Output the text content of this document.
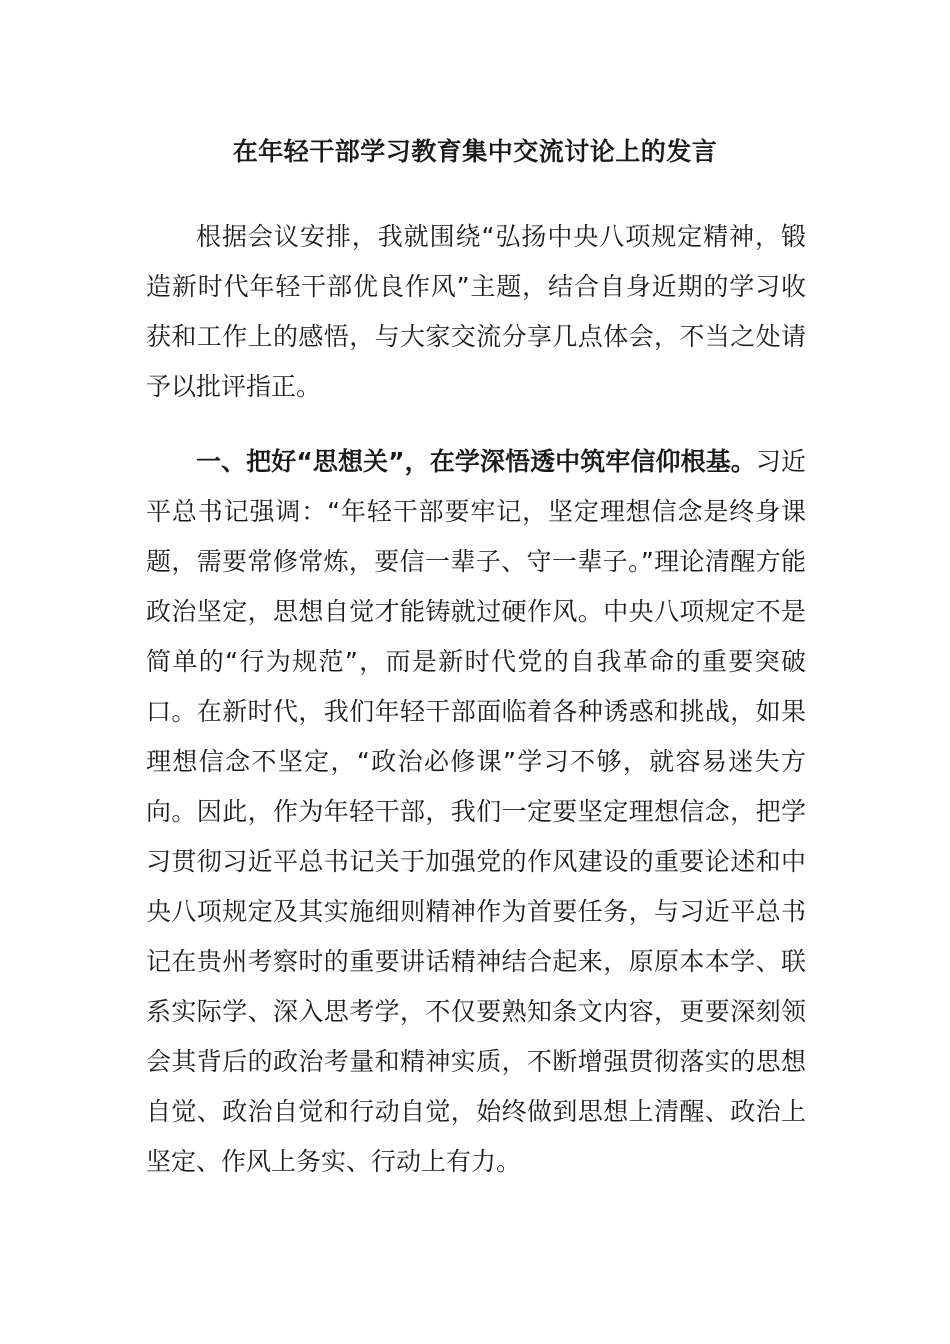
在年轻干部学习教育集中交流讨论上的发言

根据会议安排，我就围绕“弘扬中央八项规定精神，锻造新时代年轻干部优良作风”主题，结合自身近期的学习收获和工作上的感悟，与大家交流分享几点体会，不当之处请予以批评指正。

一、把好“思想关”，在学深悟透中筑牢信仰根基。习近平总书记强调：“年轻干部要牢记，坚定理想信念是终身课题，需要常修常炼，要信一辈子、守一辈子。”理论清醒方能政治坚定，思想自觉才能铸就过硬作风。中央八项规定不是简单的“行为规范”，而是新时代党的自我革命的重要突破口。在新时代，我们年轻干部面临着各种诱惑和挑战，如果理想信念不坚定，“政治必修课”学习不够，就容易迷失方向。因此，作为年轻干部，我们一定要坚定理想信念，把学习贯彻习近平总书记关于加强党的作风建设的重要论述和中央八项规定及其实施细则精神作为首要任务，与习近平总书记在贵州考察时的重要讲话精神结合起来，原原本本学、联系实际学、深入思考学，不仅要熟知条文内容，更要深刻领会其背后的政治考量和精神实质，不断增强贯彻落实的思想自觉、政治自觉和行动自觉，始终做到思想上清醒、政治上坚定、作风上务实、行动上有力。
